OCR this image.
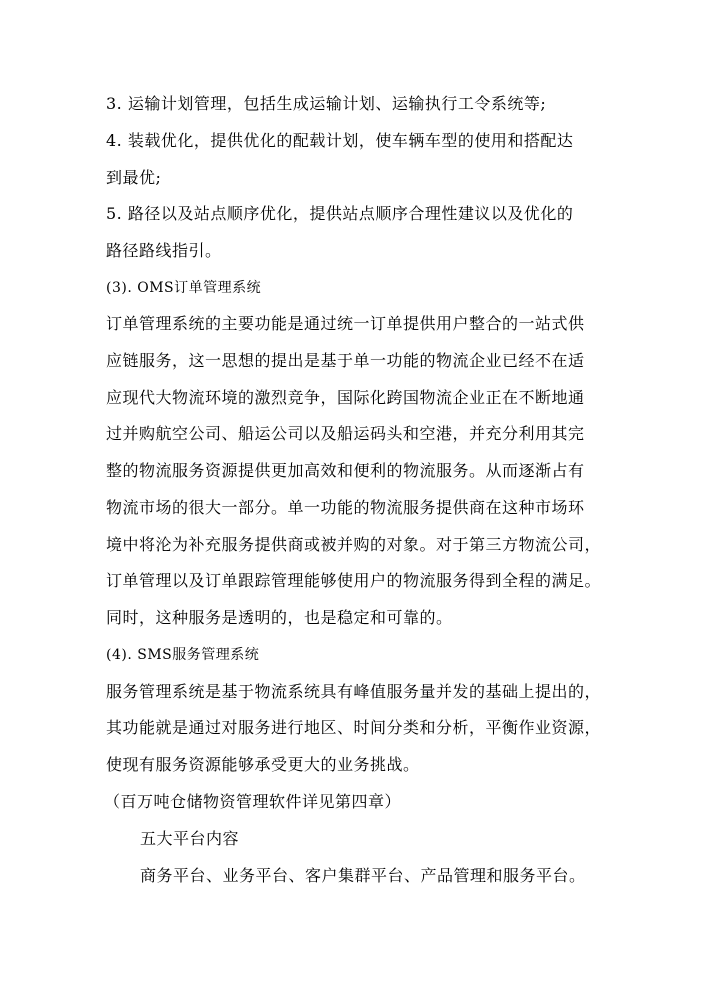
3. 运输计划管理，包括生成运输计划、运输执行工令系统等;
4. 装载优化，提供优化的配载计划，使车辆车型的使用和搭配达
到最优;
5. 路径以及站点顺序优化，提供站点顺序合理性建议以及优化的
路径路线指引。
(3). OMS订单管理系统
订单管理系统的主要功能是通过统一订单提供用户整合的一站式供
应链服务，这一思想的提出是基于单一功能的物流企业已经不在适
应现代大物流环境的激烈竞争，国际化跨国物流企业正在不断地通
过并购航空公司、船运公司以及船运码头和空港，并充分利用其完
整的物流服务资源提供更加高效和便利的物流服务。从而逐渐占有
物流市场的很大一部分。单一功能的物流服务提供商在这种市场环
境中将沦为补充服务提供商或被并购的对象。对于第三方物流公司，
订单管理以及订单跟踪管理能够使用户的物流服务得到全程的满足。
同时，这种服务是透明的，也是稳定和可靠的。
(4). SMS服务管理系统
服务管理系统是基于物流系统具有峰值服务量并发的基础上提出的，
其功能就是通过对服务进行地区、时间分类和分析，平衡作业资源，
使现有服务资源能够承受更大的业务挑战。
（百万吨仓储物资管理软件详见第四章）
五大平台内容
商务平台、业务平台、客户集群平台、产品管理和服务平台。
